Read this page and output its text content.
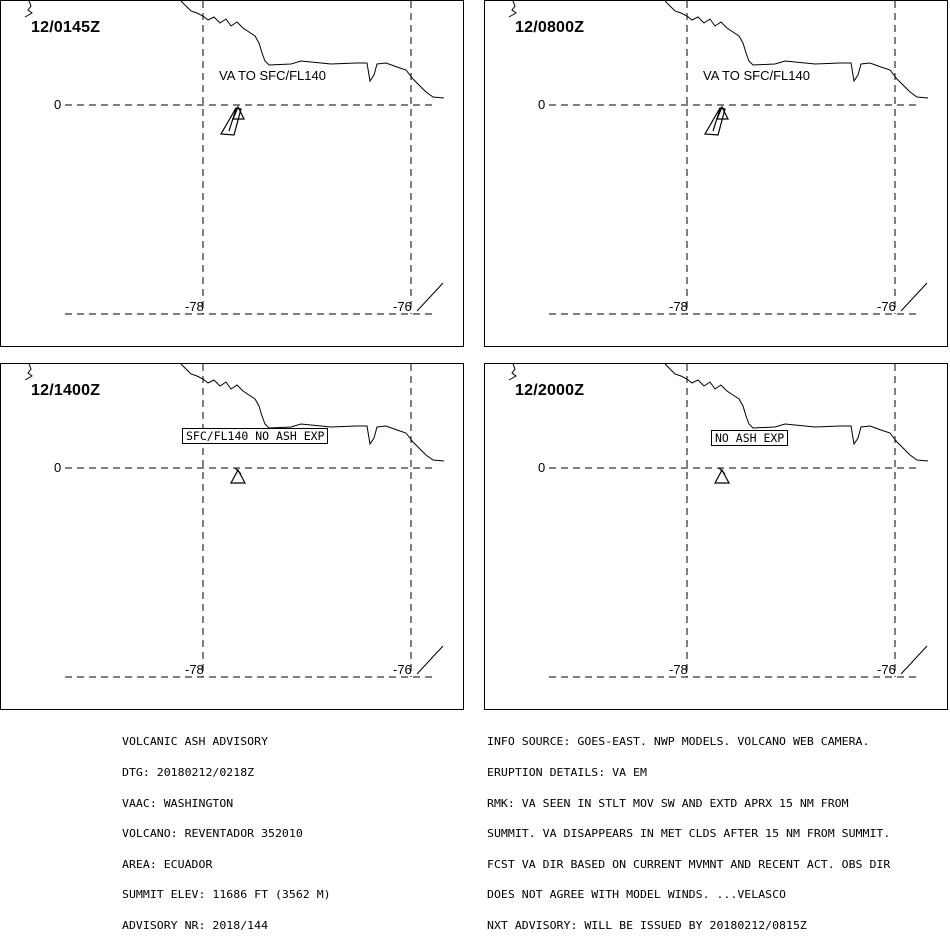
12/0145Z
VA TO SFC/FL140
0
-78	-76
12/0800Z
VA TO SFC/FL140
0
-78	-76
12/1400Z
SFC/FL140 NO ASH EXP
0
-78	-76
12/2000Z
NO ASH EXP
0
-78	-76

VOLCANIC ASH ADVISORY

DTG: 20180212/0218Z

VAAC: WASHINGTON

VOLCANO: REVENTADOR 352010

AREA: ECUADOR

SUMMIT ELEV: 11686 FT (3562 M)

ADVISORY NR: 2018/144

INFO SOURCE: GOES-EAST. NWP MODELS. VOLCANO WEB CAMERA.

ERUPTION DETAILS: VA EM

RMK: VA SEEN IN STLT MOV SW AND EXTD APRX 15 NM FROM

SUMMIT. VA DISAPPEARS IN MET CLDS AFTER 15 NM FROM SUMMIT.

FCST VA DIR BASED ON CURRENT MVMNT AND RECENT ACT. OBS DIR

DOES NOT AGREE WITH MODEL WINDS. ...VELASCO

NXT ADVISORY: WILL BE ISSUED BY 20180212/0815Z
